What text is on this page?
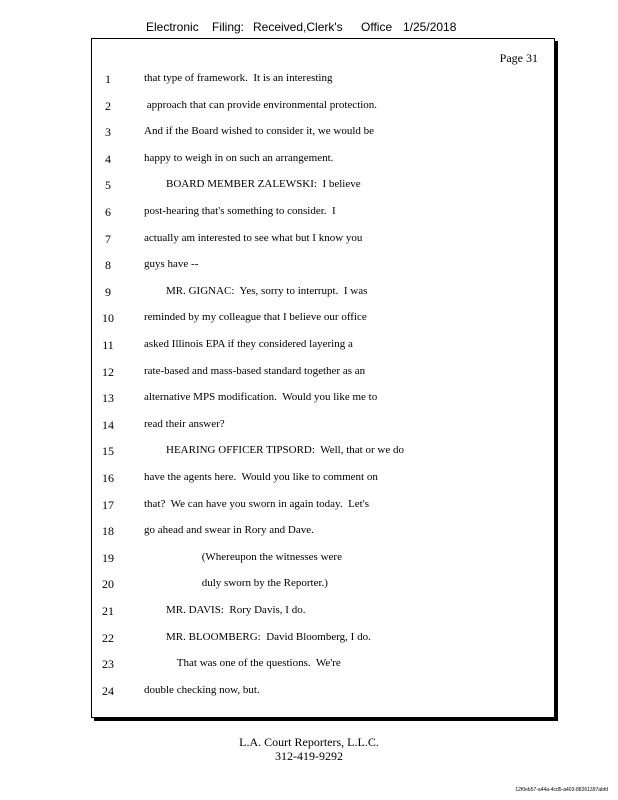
Electronic Filing: Received,Clerk's Office 1/25/2018
Page 31
1	that type of framework.  It is an interesting
2	approach that can provide environmental protection.
3	And if the Board wished to consider it, we would be
4	happy to weigh in on such an arrangement.
5	BOARD MEMBER ZALEWSKI:  I believe
6	post-hearing that's something to consider.  I
7	actually am interested to see what but I know you
8	guys have --
9	MR. GIGNAC:  Yes, sorry to interrupt.  I was
10	reminded by my colleague that I believe our office
11	asked Illinois EPA if they considered layering a
12	rate-based and mass-based standard together as an
13	alternative MPS modification.  Would you like me to
14	read their answer?
15	HEARING OFFICER TIPSORD:  Well, that or we do
16	have the agents here.  Would you like to comment on
17	that?  We can have you sworn in again today.  Let's
18	go ahead and swear in Rory and Dave.
19	(Whereupon the witnesses were
20	duly sworn by the Reporter.)
21	MR. DAVIS:  Rory Davis, I do.
22	MR. BLOOMBERG:  David Bloomberg, I do.
23	That was one of the questions.  We're
24	double checking now, but.
L.A. Court Reporters, L.L.C.
312-419-9292
12f0eb57-a44a-4cd5-a403-88261397abfd
